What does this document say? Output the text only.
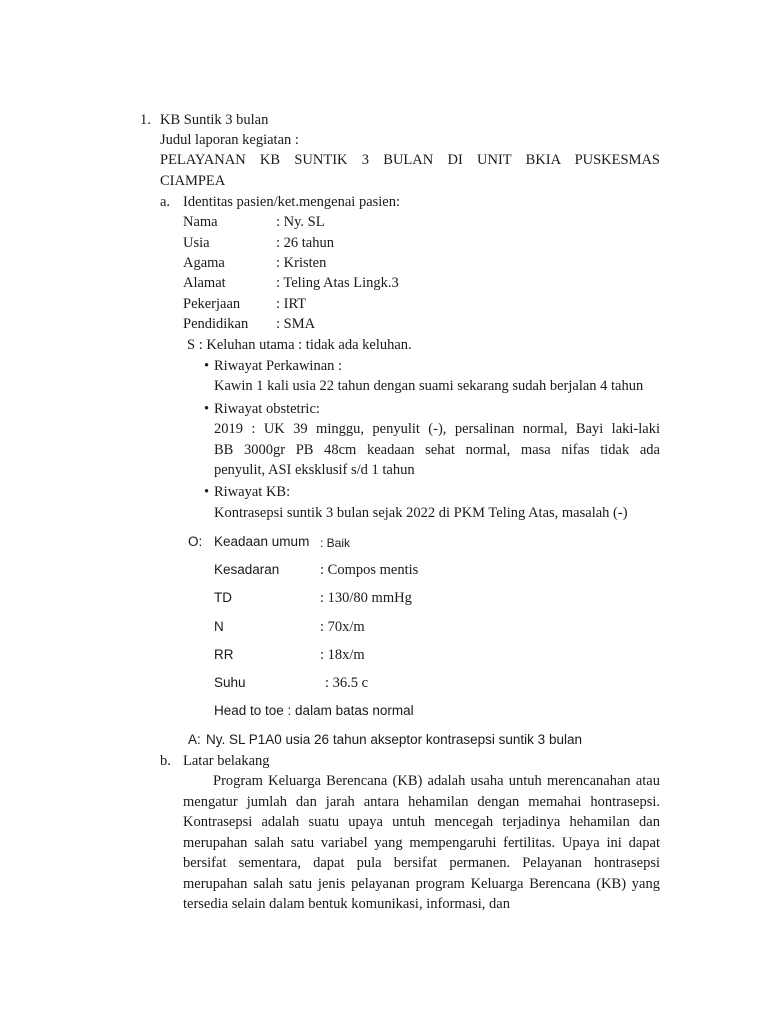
1. KB Suntik 3 bulan
Judul laporan kegiatan :
PELAYANAN KB SUNTIK 3 BULAN DI UNIT BKIA PUSKESMAS
CIAMPEA
a. Identitas pasien/ket.mengenai pasien:
Nama	: Ny. SL
Usia	: 26 tahun
Agama	: Kristen
Alamat	: Teling Atas Lingk.3
Pekerjaan : IRT
Pendidikan : SMA
S : Keluhan utama : tidak ada keluhan.
• Riwayat Perkawinan :
Kawin 1 kali usia 22 tahun dengan suami sekarang sudah berjalan 4 tahun
• Riwayat obstetric:
2019 : UK 39 minggu, penyulit (-), persalinan normal, Bayi laki-laki
BB 3000gr PB 48cm keadaan sehat normal, masa nifas tidak ada
penyulit, ASI eksklusif s/d 1 tahun
• Riwayat KB:
Kontrasepsi suntik 3 bulan sejak 2022 di PKM Teling Atas, masalah (-)
O: Keadaan umum : Baik
Kesadaran	: Compos mentis
TD	: 130/80 mmHg
N	: 70x/m
RR	: 18x/m
Suhu	: 36.5 c
Head to toe : dalam batas normal
A: Ny. SL P1A0 usia 26 tahun akseptor kontrasepsi suntik 3 bulan
b. Latar belakang
Program Keluarga Berencana (KB) adalah usaha untuh merencanahan atau mengatur jumlah dan jarah antara hehamilan dengan memahai hontrasepsi. Kontrasepsi adalah suatu upaya untuh mencegah terjadinya hehamilan dan merupahan salah satu variabel yang mempengaruhi fertilitas. Upaya ini dapat bersifat sementara, dapat pula bersifat permanen. Pelayanan hontrasepsi merupahan salah satu jenis pelayanan program Keluarga Berencana (KB) yang tersedia selain dalam bentuk komunikasi, informasi, dan
